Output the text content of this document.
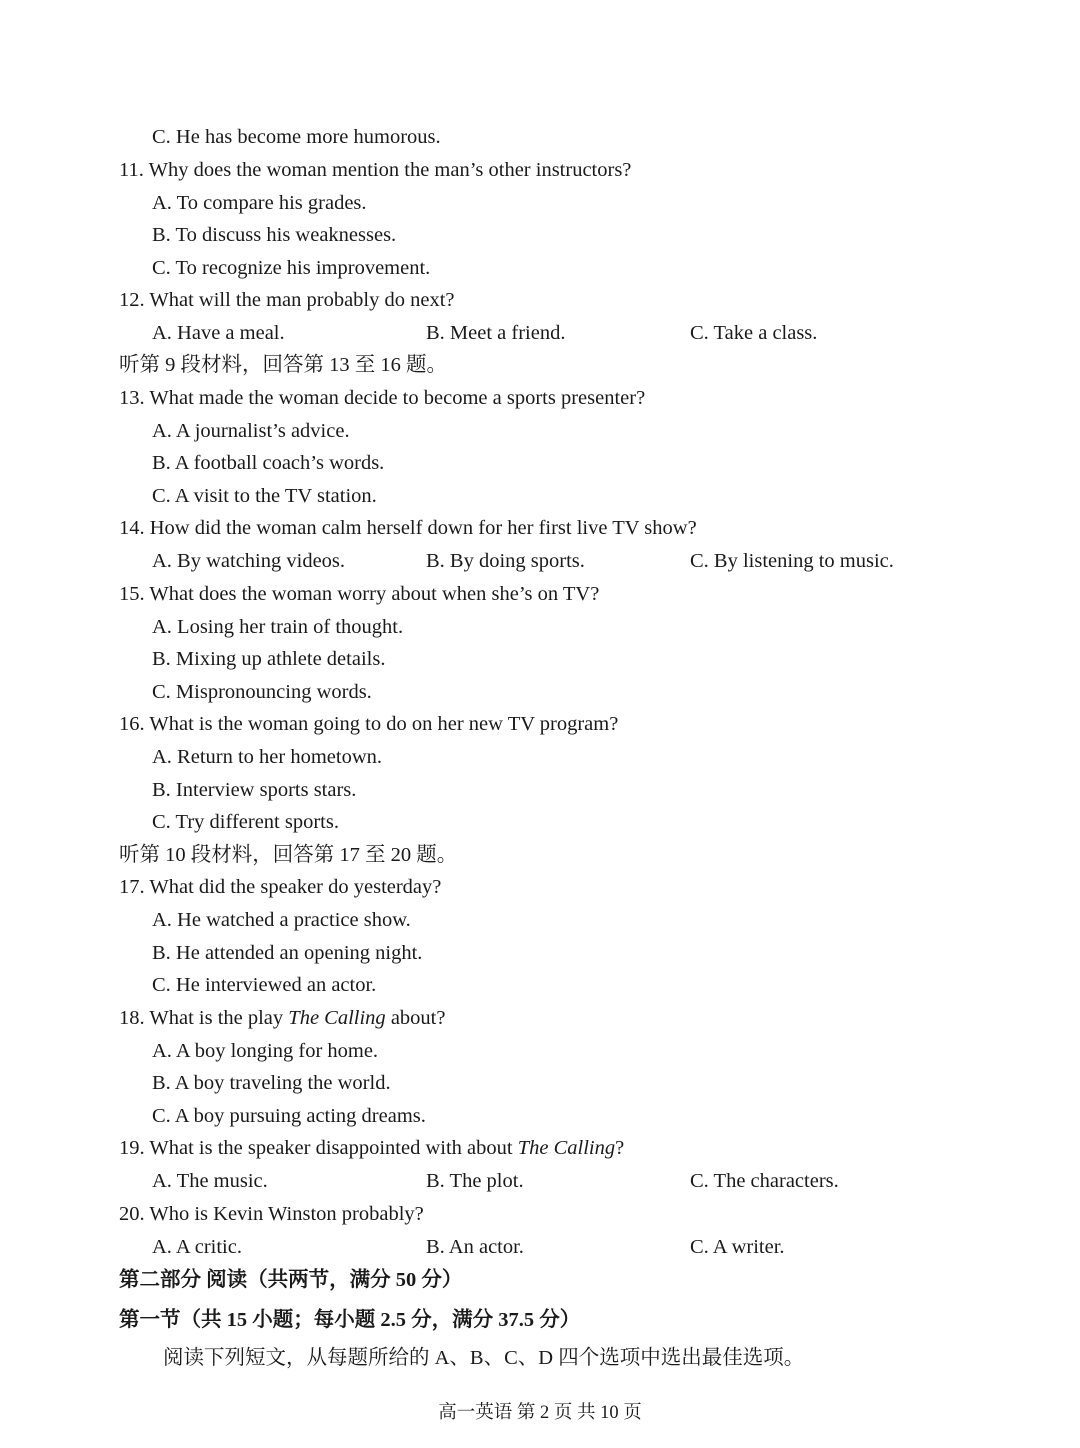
C. He has become more humorous.
11. Why does the woman mention the man’s other instructors?
A. To compare his grades.
B. To discuss his weaknesses.
C. To recognize his improvement.
12. What will the man probably do next?
A. Have a meal.	B. Meet a friend.	C. Take a class.
听第 9 段材料，回答第 13 至 16 题。
13. What made the woman decide to become a sports presenter?
A. A journalist’s advice.
B. A football coach’s words.
C. A visit to the TV station.
14. How did the woman calm herself down for her first live TV show?
A. By watching videos.	B. By doing sports.	C. By listening to music.
15. What does the woman worry about when she’s on TV?
A. Losing her train of thought.
B. Mixing up athlete details.
C. Mispronouncing words.
16. What is the woman going to do on her new TV program?
A. Return to her hometown.
B. Interview sports stars.
C. Try different sports.
听第 10 段材料，回答第 17 至 20 题。
17. What did the speaker do yesterday?
A. He watched a practice show.
B. He attended an opening night.
C. He interviewed an actor.
18. What is the play The Calling about?
A. A boy longing for home.
B. A boy traveling the world.
C. A boy pursuing acting dreams.
19. What is the speaker disappointed with about The Calling?
A. The music.	B. The plot.	C. The characters.
20. Who is Kevin Winston probably?
A. A critic.	B. An actor.	C. A writer.
第二部分 阅读（共两节，满分 50 分）
第一节（共 15 小题；每小题 2.5 分，满分 37.5 分）
阅读下列短文，从每题所给的 A、B、C、D 四个选项中选出最佳选项。
高一英语 第 2 页 共 10 页
